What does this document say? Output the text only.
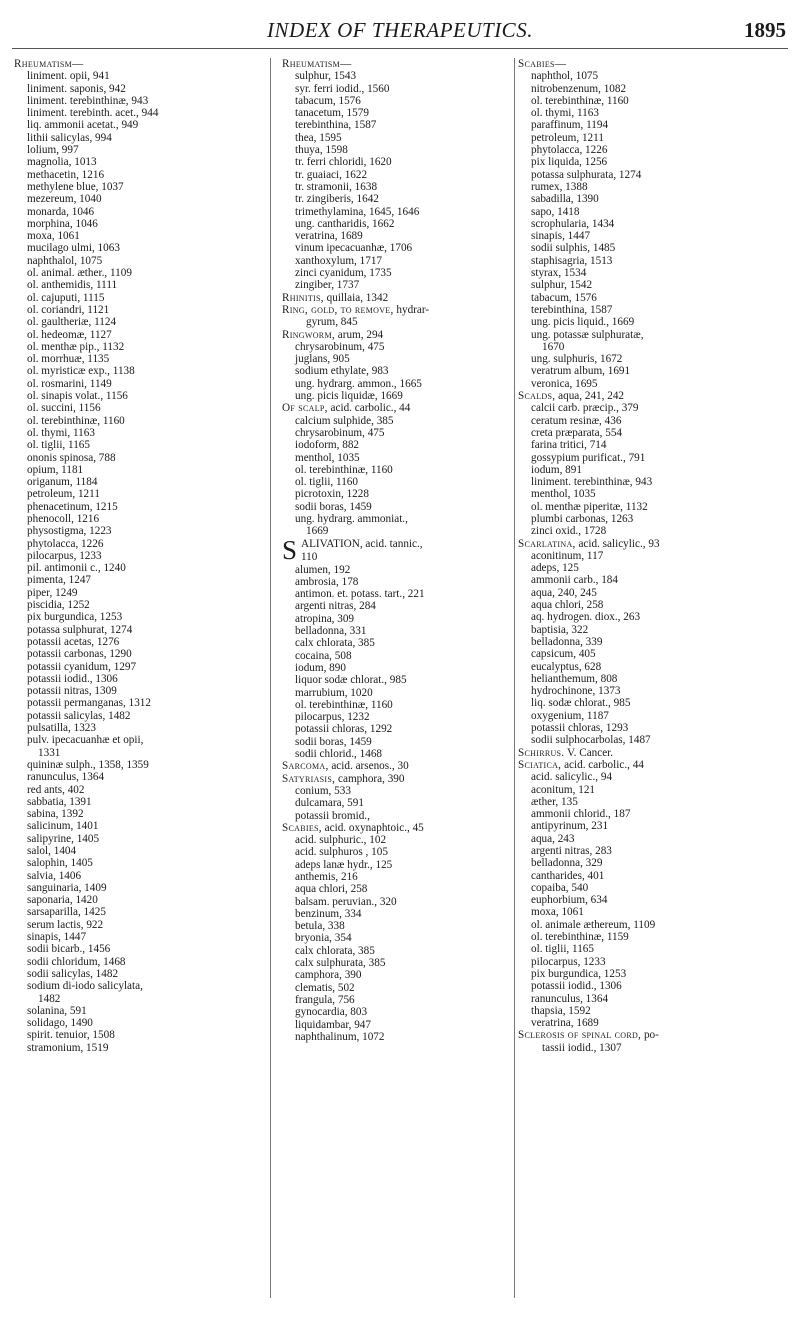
INDEX OF THERAPEUTICS.	1895
Rheumatism—
liniment. opii, 941
liniment. saponis, 942
liniment. terebinthinæ, 943
liniment. terebinth. acet., 944
liq. ammonii acetat., 949
lithii salicylas, 994
lolium, 997
magnolia, 1013
methacetin, 1216
methylene blue, 1037
mezereum, 1040
monarda, 1046
morphina, 1046
moxa, 1061
mucilago ulmi, 1063
naphthalol, 1075
ol. animal. æther., 1109
ol. anthemidis, 1111
ol. cajuputi, 1115
ol. coriandri, 1121
ol. gaultheriæ, 1124
ol. hedeomæ, 1127
ol. menthæ pip., 1132
ol. morrhuæ, 1135
ol. myristicæ exp., 1138
ol. rosmarini, 1149
ol. sinapis volat., 1156
ol. succini, 1156
ol. terebinthinæ, 1160
ol. thymi, 1163
ol. tiglii, 1165
ononis spinosa, 788
opium, 1181
origanum, 1184
petroleum, 1211
phenacetinum, 1215
phenocoll, 1216
physostigma, 1223
phytolacca, 1226
pilocarpus, 1233
pil. antimonii c., 1240
pimenta, 1247
piper, 1249
piscidia, 1252
pix burgundica, 1253
potassa sulphurat, 1274
potassii acetas, 1276
potassii carbonas, 1290
potassii cyanidum, 1297
potassii iodid., 1306
potassii nitras, 1309
potassii permanganas, 1312
potassii salicylas, 1482
pulsatilla, 1323
pulv. ipecacuanhæ et opii,
1331
quininæ sulph., 1358, 1359
ranunculus, 1364
red ants, 402
sabbatia, 1391
sabina, 1392
salicinum, 1401
salipyrine, 1405
salol, 1404
salophin, 1405
salvia, 1406
sanguinaria, 1409
saponaria, 1420
sarsaparilla, 1425
serum lactis, 922
sinapis, 1447
sodii bicarb., 1456
sodii chloridum, 1468
sodii salicylas, 1482
sodium di-iodo salicylata,
1482
solanina, 591
solidago, 1490
spirit. tenuior, 1508
stramonium, 1519
Rheumatism—
sulphur, 1543
syr. ferri iodid., 1560
tabacum, 1576
tanacetum, 1579
terebinthina, 1587
thea, 1595
thuya, 1598
tr. ferri chloridi, 1620
tr. guaiaci, 1622
tr. stramonii, 1638
tr. zingiberis, 1642
trimethylamina, 1645, 1646
ung. cantharidis, 1662
veratrina, 1689
vinum ipecacuanhæ, 1706
xanthoxylum, 1717
zinci cyanidum, 1735
zingiber, 1737
Rhinitis, quillaia, 1342
Ring, gold, to remove, hydrar-
gyrum, 845
Ringworm, arum, 294
chrysarobinum, 475
juglans, 905
sodium ethylate, 983
ung. hydrarg. ammon., 1665
ung. picis liquidæ, 1669
Of scalp, acid. carbolic., 44
calcium sulphide, 385
chrysarobinum, 475
iodoform, 882
menthol, 1035
ol. terebinthinæ, 1160
ol. tiglii, 1160
picrotoxin, 1228
sodii boras, 1459
ung. hydrarg. ammoniat.,
1669
S ALIVATION, acid. tannic.,
110
alumen, 192
ambrosia, 178
antimon. et. potass. tart., 221
argenti nitras, 284
atropina, 309
belladonna, 331
calx chlorata, 385
cocaina, 508
iodum, 890
liquor sodæ chlorat., 985
marrubium, 1020
ol. terebinthinæ, 1160
pilocarpus, 1232
potassii chloras, 1292
sodii boras, 1459
sodii chlorid., 1468
Sarcoma, acid. arsenos., 30
Satyriasis, camphora, 390
conium, 533
dulcamara, 591
potassii bromid.,
Scabies, acid. oxynaphtoic., 45
acid. sulphuric., 102
acid. sulphuros , 105
adeps lanæ hydr., 125
anthemis, 216
aqua chlori, 258
balsam. peruvian., 320
benzinum, 334
betula, 338
bryonia, 354
calx chlorata, 385
calx sulphurata, 385
camphora, 390
clematis, 502
frangula, 756
gynocardia, 803
liquidambar, 947
naphthalinum, 1072
Scabies—
naphthol, 1075
nitrobenzenum, 1082
ol. terebinthinæ, 1160
ol. thymi, 1163
paraffinum, 1194
petroleum, 1211
phytolacca, 1226
pix liquida, 1256
potassa sulphurata, 1274
rumex, 1388
sabadilla, 1390
sapo, 1418
scrophularia, 1434
sinapis, 1447
sodii sulphis, 1485
staphisagria, 1513
styrax, 1534
sulphur, 1542
tabacum, 1576
terebinthina, 1587
ung. picis liquid., 1669
ung. potassæ sulphuratæ,
1670
ung. sulphuris, 1672
veratrum album, 1691
veronica, 1695
Scalds, aqua, 241, 242
calcii carb. præcip., 379
ceratum resinæ, 436
creta præparata, 554
farina tritici, 714
gossypium purificat., 791
iodum, 891
liniment. terebinthinæ, 943
menthol, 1035
ol. menthæ piperitæ, 1132
plumbi carbonas, 1263
zinci oxid., 1728
Scarlatina, acid. salicylic., 93
aconitinum, 117
adeps, 125
ammonii carb., 184
aqua, 240, 245
aqua chlori, 258
aq. hydrogen. diox., 263
baptisia, 322
belladonna, 339
capsicum, 405
eucalyptus, 628
helianthemum, 808
hydrochinone, 1373
liq. sodæ chlorat., 985
oxygenium, 1187
potassii chloras, 1293
sodii sulphocarbolas, 1487
Schirrus. V. Cancer.
Sciatica, acid. carbolic., 44
acid. salicylic., 94
aconitum, 121
æther, 135
ammonii chlorid., 187
antipyrinum, 231
aqua, 243
argenti nitras, 283
belladonna, 329
cantharides, 401
copaiba, 540
euphorbium, 634
moxa, 1061
ol. animale æthereum, 1109
ol. terebinthinæ, 1159
ol. tiglii, 1165
pilocarpus, 1233
pix burgundica, 1253
potassii iodid., 1306
ranunculus, 1364
thapsia, 1592
veratrina, 1689
Sclerosis of spinal cord, po-
tassii iodid., 1307
